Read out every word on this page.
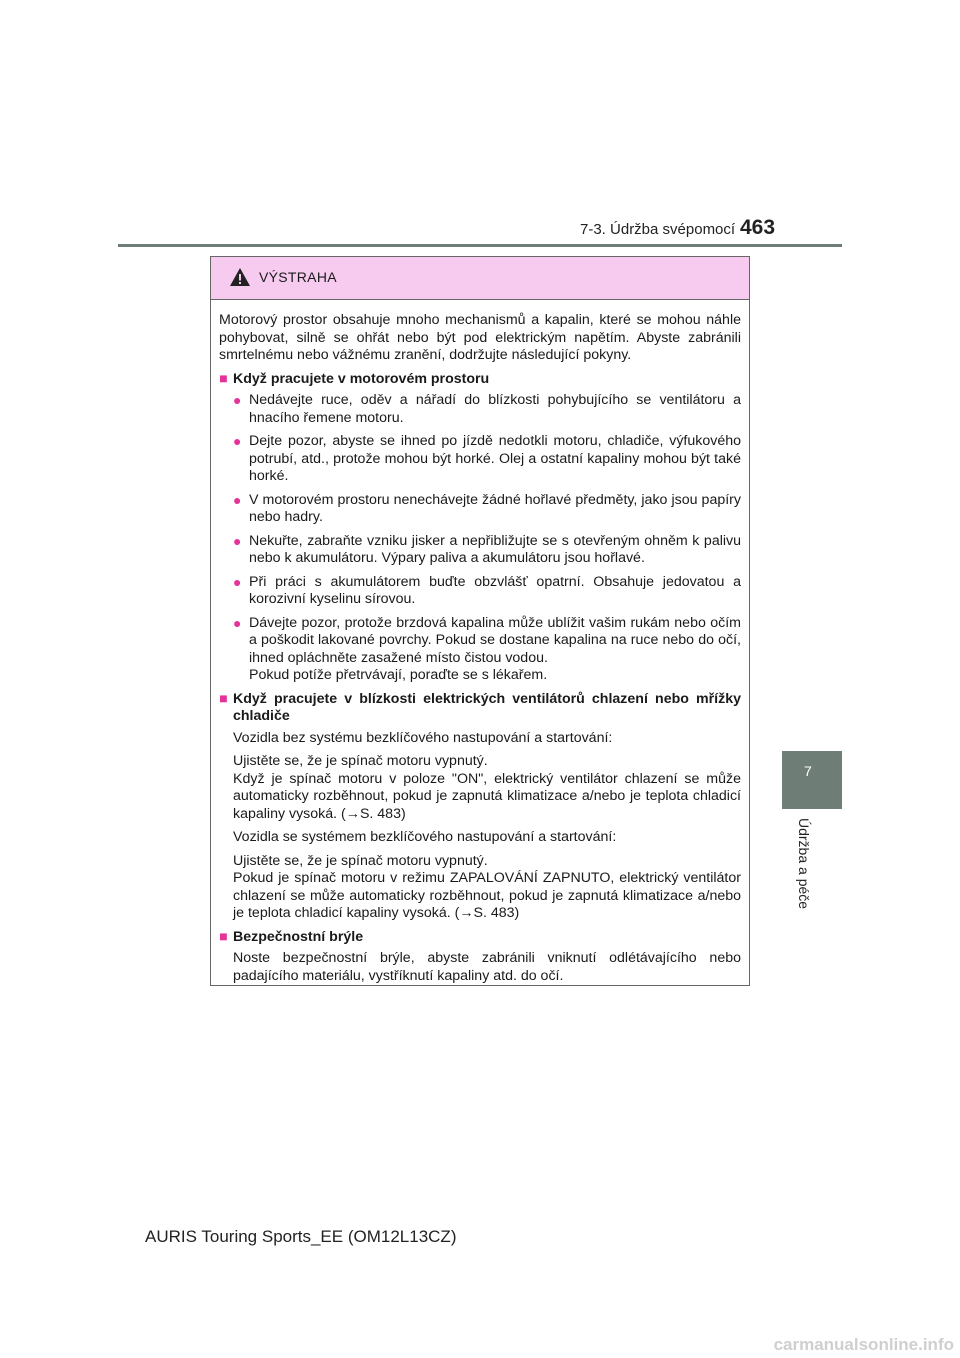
7-3. Údržba svépomocí 463
7
Údržba a péče
VÝSTRAHA

Motorový prostor obsahuje mnoho mechanismů a kapalin, které se mohou náhle pohybovat, silně se ohřát nebo být pod elektrickým napětím. Abyste zabránili smrtelnému nebo vážnému zranění, dodržujte následující pokyny.

■ Když pracujete v motorovém prostoru
● Nedávejte ruce, oděv a nářadí do blízkosti pohybujícího se ventilátoru a hnacího řemene motoru.
● Dejte pozor, abyste se ihned po jízdě nedotkli motoru, chladiče, výfukového potrubí, atd., protože mohou být horké. Olej a ostatní kapaliny mohou být také horké.
● V motorovém prostoru nenechávejte žádné hořlavé předměty, jako jsou papíry nebo hadry.
● Nekuřte, zabraňte vzniku jisker a nepřibližujte se s otevřeným ohněm k palivu nebo k akumulátoru. Výpary paliva a akumulátoru jsou hořlavé.
● Při práci s akumulátorem buďte obzvlášť opatrní. Obsahuje jedovatou a korozivní kyselinu sírovou.
● Dávejte pozor, protože brzdová kapalina může ublížit vašim rukám nebo očím a poškodit lakované povrchy. Pokud se dostane kapalina na ruce nebo do očí, ihned opláchněte zasažené místo čistou vodou.
Pokud potíže přetrvávají, poraďte se s lékařem.
■ Když pracujete v blízkosti elektrických ventilátorů chlazení nebo mřížky chladiče

Vozidla bez systému bezklíčového nastupování a startování:

Ujistěte se, že je spínač motoru vypnutý.

Když je spínač motoru v poloze "ON", elektrický ventilátor chlazení se může automaticky rozběhnout, pokud je zapnutá klimatizace a/nebo je teplota chladicí kapaliny vysoká. (→S. 483)

Vozidla se systémem bezklíčového nastupování a startování:

Ujistěte se, že je spínač motoru vypnutý.

Pokud je spínač motoru v režimu ZAPALOVÁNÍ ZAPNUTO, elektrický ventilátor chlazení se může automaticky rozběhnout, pokud je zapnutá klimatizace a/nebo je teplota chladicí kapaliny vysoká. (→S. 483)

■ Bezpečnostní brýle

Noste bezpečnostní brýle, abyste zabránili vniknutí odlétávajícího nebo padajícího materiálu, vystříknutí kapaliny atd. do očí.

AURIS Touring Sports_EE (OM12L13CZ)
carmanualsonline.info
